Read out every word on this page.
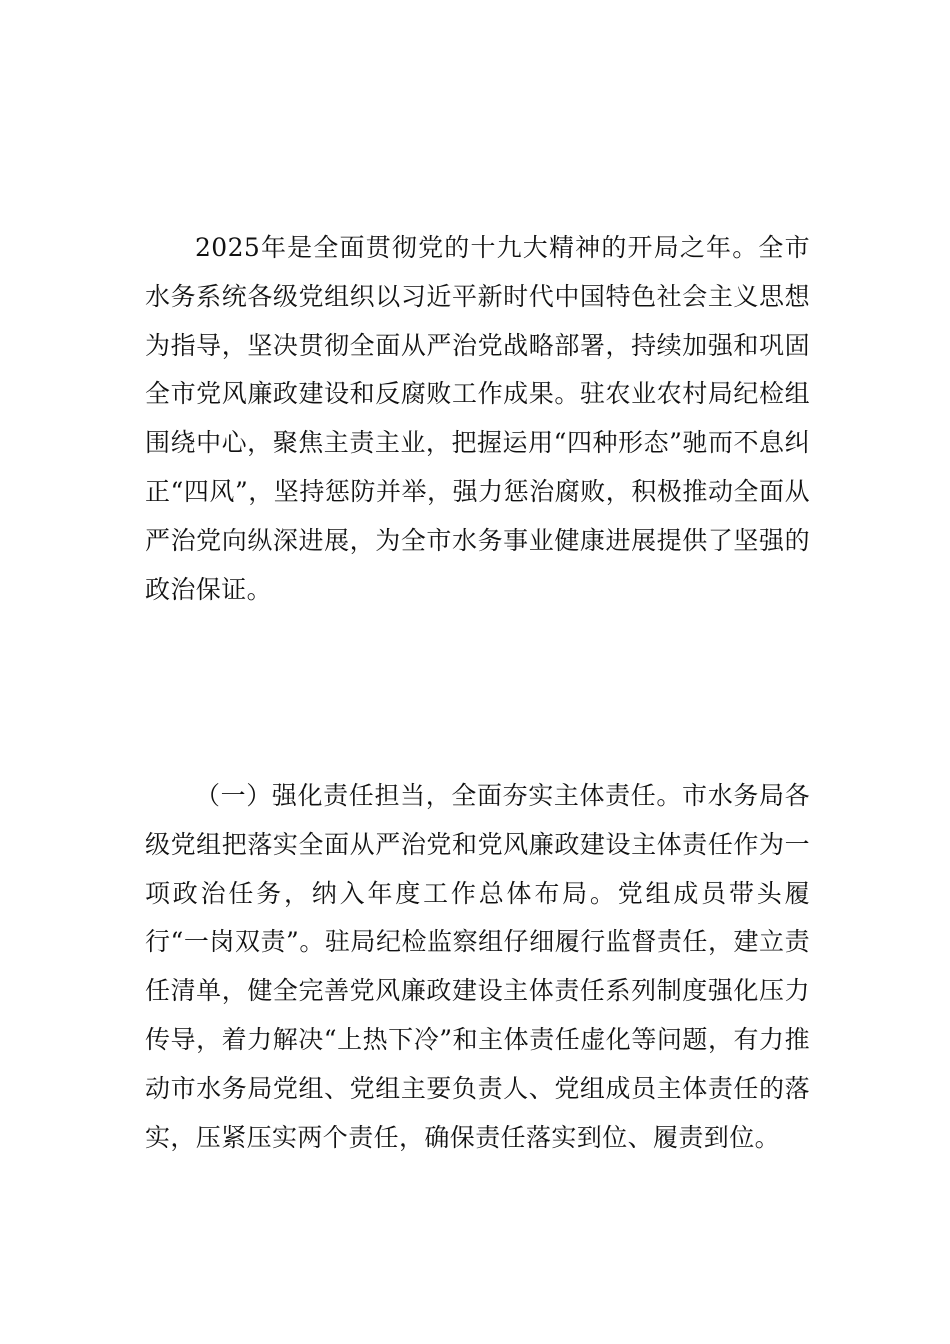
2025年是全面贯彻党的十九大精神的开局之年。全市水务系统各级党组织以习近平新时代中国特色社会主义思想为指导，坚决贯彻全面从严治党战略部署，持续加强和巩固全市党风廉政建设和反腐败工作成果。驻农业农村局纪检组围绕中心，聚焦主责主业，把握运用“四种形态”驰而不息纠正“四风”，坚持惩防并举，强力惩治腐败，积极推动全面从严治党向纵深进展，为全市水务事业健康进展提供了坚强的政治保证。

（一）强化责任担当，全面夯实主体责任。市水务局各级党组把落实全面从严治党和党风廉政建设主体责任作为一项政治任务，纳入年度工作总体布局。党组成员带头履行“一岗双责”。驻局纪检监察组仔细履行监督责任，建立责任清单，健全完善党风廉政建设主体责任系列制度强化压力传导，着力解决“上热下冷”和主体责任虚化等问题，有力推动市水务局党组、党组主要负责人、党组成员主体责任的落实，压紧压实两个责任，确保责任落实到位、履责到位。
